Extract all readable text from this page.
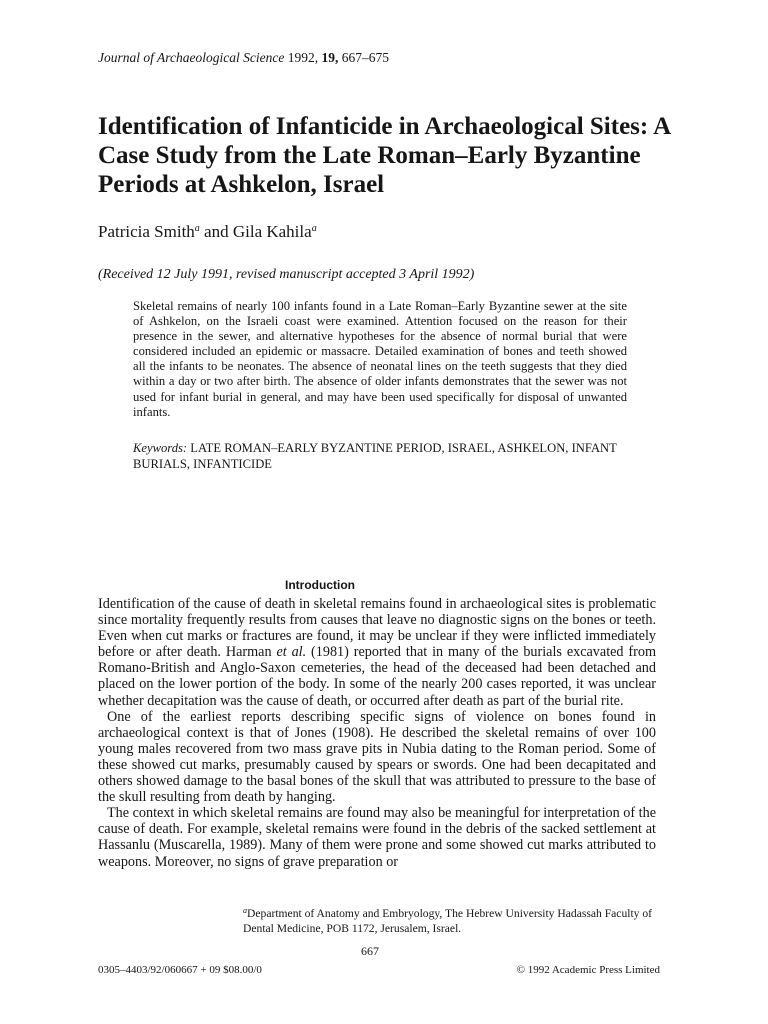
Journal of Archaeological Science 1992, 19, 667–675
Identification of Infanticide in Archaeological Sites: A Case Study from the Late Roman–Early Byzantine Periods at Ashkelon, Israel
Patricia Smith$^a$ and Gila Kahila$^a$
(Received 12 July 1991, revised manuscript accepted 3 April 1992)
Skeletal remains of nearly 100 infants found in a Late Roman–Early Byzantine sewer at the site of Ashkelon, on the Israeli coast were examined. Attention focused on the reason for their presence in the sewer, and alternative hypotheses for the absence of normal burial that were considered included an epidemic or massacre. Detailed examination of bones and teeth showed all the infants to be neonates. The absence of neonatal lines on the teeth suggests that they died within a day or two after birth. The absence of older infants demonstrates that the sewer was not used for infant burial in general, and may have been used specifically for disposal of unwanted infants.
Keywords: LATE ROMAN–EARLY BYZANTINE PERIOD, ISRAEL, ASHKELON, INFANT BURIALS, INFANTICIDE
Introduction

Identification of the cause of death in skeletal remains found in archaeological sites is problematic since mortality frequently results from causes that leave no diagnostic signs on the bones or teeth. Even when cut marks or fractures are found, it may be unclear if they were inflicted immediately before or after death. Harman et al. (1981) reported that in many of the burials excavated from Romano-British and Anglo-Saxon cemeteries, the head of the deceased had been detached and placed on the lower portion of the body. In some of the nearly 200 cases reported, it was unclear whether decapitation was the cause of death, or occurred after death as part of the burial rite.

One of the earliest reports describing specific signs of violence on bones found in archaeological context is that of Jones (1908). He described the skeletal remains of over 100 young males recovered from two mass grave pits in Nubia dating to the Roman period. Some of these showed cut marks, presumably caused by spears or swords. One had been decapitated and others showed damage to the basal bones of the skull that was attributed to pressure to the base of the skull resulting from death by hanging.

The context in which skeletal remains are found may also be meaningful for interpretation of the cause of death. For example, skeletal remains were found in the debris of the sacked settlement at Hassanlu (Muscarella, 1989). Many of them were prone and some showed cut marks attributed to weapons. Moreover, no signs of grave preparation or

$^a$Department of Anatomy and Embryology, The Hebrew University Hadassah Faculty of Dental Medicine, POB 1172, Jerusalem, Israel.
667
0305–4403/92/060667 + 09 $08.00/0	© 1992 Academic Press Limited
